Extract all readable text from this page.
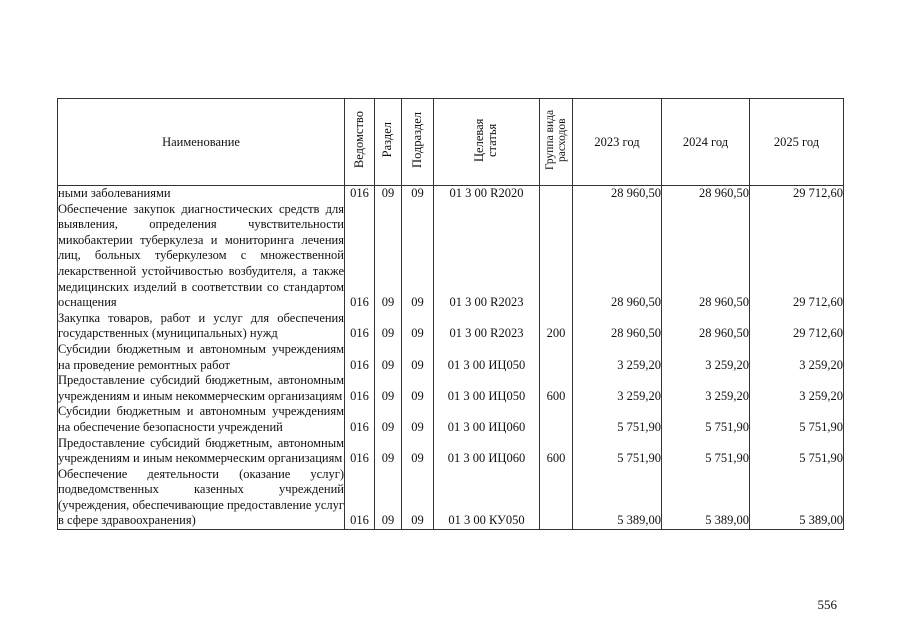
Наименование	Ведомство	Раздел	Подраздел	Целевая статья	Группа вида расходов	2023 год	2024 год	2025 год
ными заболеваниями	016	09	09	01 3 00 R2020		28 960,50	28 960,50	29 712,60
Обеспечение закупок диагностических средств для выявления, определения чувствительности микобактерии туберкулеза и мониторинга лечения лиц, больных туберкулезом с множественной лекарственной устойчивостью возбудителя, а также медицинских изделий в соответствии со стандартом оснащения	016	09	09	01 3 00 R2023		28 960,50	28 960,50	29 712,60
Закупка товаров, работ и услуг для обеспечения государственных (муниципальных) нужд	016	09	09	01 3 00 R2023	200	28 960,50	28 960,50	29 712,60
Субсидии бюджетным и автономным учреждениям на проведение ремонтных работ	016	09	09	01 3 00 ИЦ050		3 259,20	3 259,20	3 259,20
Предоставление субсидий бюджетным, автономным учреждениям и иным некоммерческим организациям	016	09	09	01 3 00 ИЦ050	600	3 259,20	3 259,20	3 259,20
Субсидии бюджетным и автономным учреждениям на обеспечение безопасности учреждений	016	09	09	01 3 00 ИЦ060		5 751,90	5 751,90	5 751,90
Предоставление субсидий бюджетным, автономным учреждениям и иным некоммерческим организациям	016	09	09	01 3 00 ИЦ060	600	5 751,90	5 751,90	5 751,90
Обеспечение деятельности (оказание услуг) подведомственных казенных учреждений (учреждения, обеспечивающие предоставление услуг в сфере здравоохранения)	016	09	09	01 3 00 КУ050		5 389,00	5 389,00	5 389,00
556
